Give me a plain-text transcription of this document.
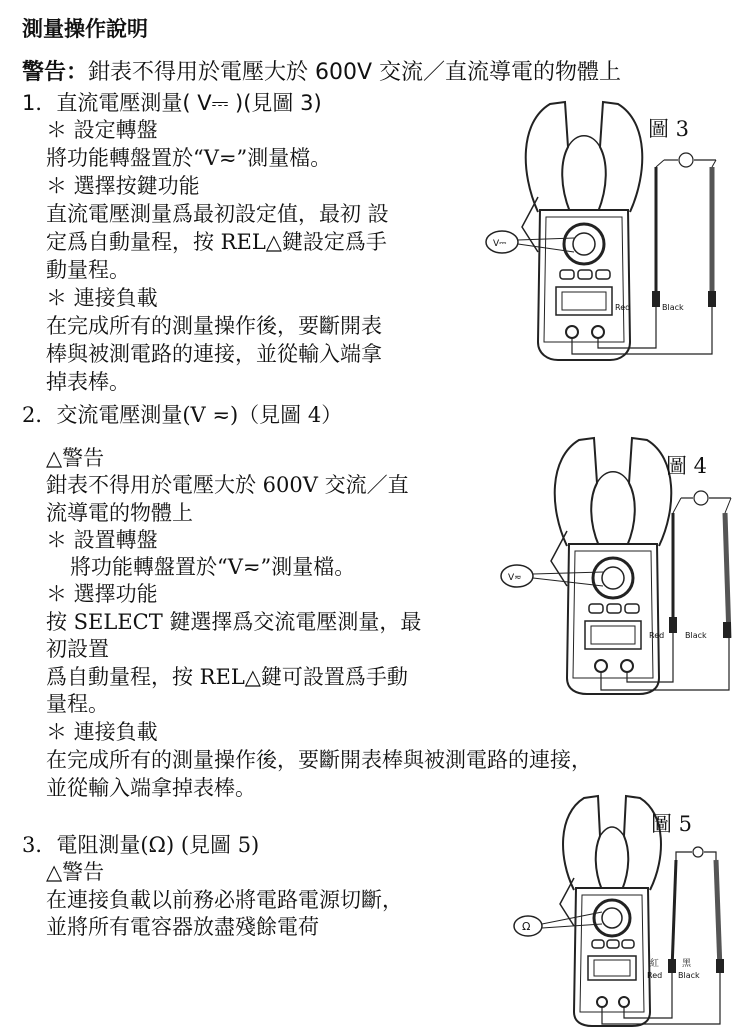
測量操作說明
警告：鉗表不得用於電壓大於 600V 交流／直流導電的物體上
1．直流電壓測量( V⎓ )(見圖 3)
＊ 設定轉盤
將功能轉盤置於“V≂”測量檔。
＊ 選擇按鍵功能
直流電壓測量爲最初設定值，最初 設
定爲自動量程，按 REL△鍵設定爲手
動量程。
＊ 連接負載
在完成所有的測量操作後，要斷開表
棒與被測電路的連接，並從輸入端拿
掉表棒。
2．交流電壓測量(V ≂)（見圖 4）
△警告
鉗表不得用於電壓大於 600V 交流／直
流導電的物體上
＊ 設置轉盤
將功能轉盤置於“V≂”測量檔。
＊ 選擇功能
按 SELECT 鍵選擇爲交流電壓測量，最
初設置
爲自動量程，按 REL△鍵可設置爲手動
量程。
＊ 連接負載
在完成所有的測量操作後，要斷開表棒與被測電路的連接，
並從輸入端拿掉表棒。
3．電阻測量(Ω) (見圖 5)
△警告
在連接負載以前務必將電路電源切斷，
並將所有電容器放盡殘餘電荷
Red	Black
V⎓
圖 3
Red	Black
V≂
圖 4
紅	黑
Red Black
Ω
圖 5
